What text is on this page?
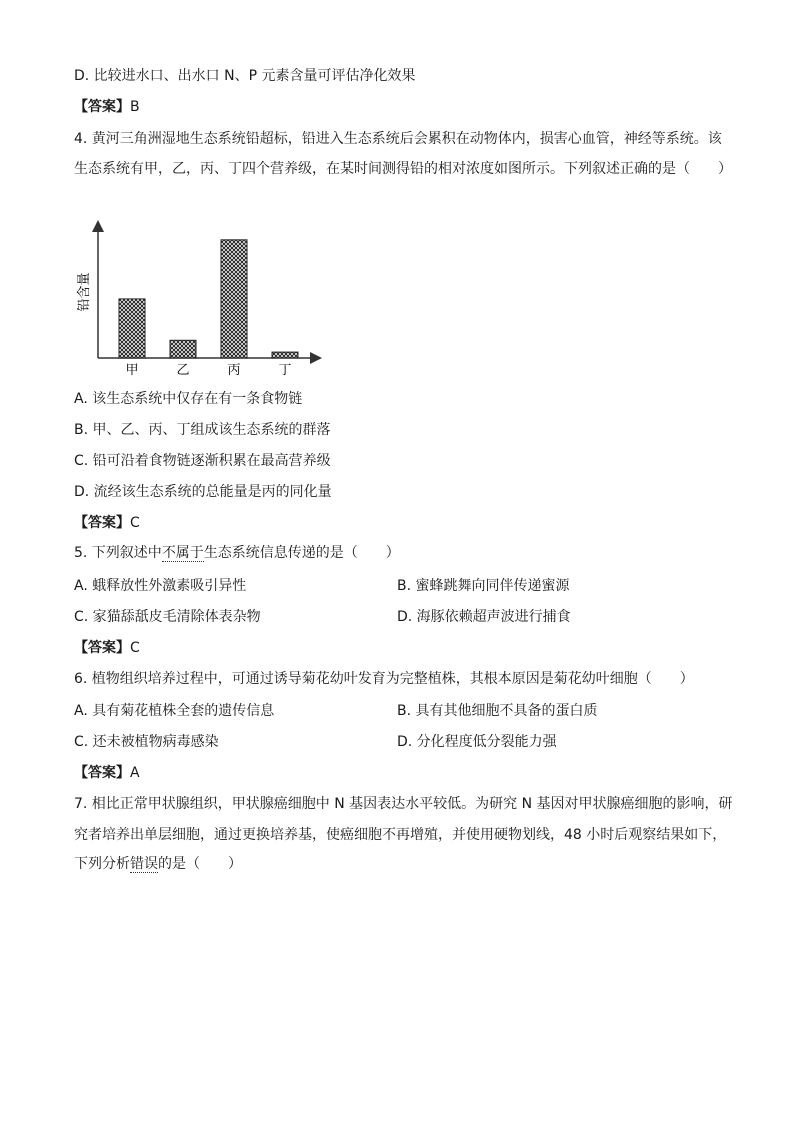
D. 比较进水口、出水口 N、P 元素含量可评估净化效果
【答案】B
4. 黄河三角洲湿地生态系统铅超标，铅进入生态系统后会累积在动物体内，损害心血管，神经等系统。该
生态系统有甲，乙，丙、丁四个营养级，在某时间测得铅的相对浓度如图所示。下列叙述正确的是（　　）
铅含量
甲	乙	丙	丁
A. 该生态系统中仅存在有一条食物链
B. 甲、乙、丙、丁组成该生态系统的群落
C. 铅可沿着食物链逐渐积累在最高营养级
D. 流经该生态系统的总能量是丙的同化量
【答案】C
5. 下列叙述中不属于生态系统信息传递的是（　　）
A. 蛾释放性外激素吸引异性	B. 蜜蜂跳舞向同伴传递蜜源
C. 家猫舔舐皮毛清除体表杂物	D. 海豚依赖超声波进行捕食
【答案】C
6. 植物组织培养过程中，可通过诱导菊花幼叶发育为完整植株，其根本原因是菊花幼叶细胞（　　）
A. 具有菊花植株全套的遗传信息	B. 具有其他细胞不具备的蛋白质
C. 还未被植物病毒感染	D. 分化程度低分裂能力强
【答案】A
7. 相比正常甲状腺组织，甲状腺癌细胞中 N 基因表达水平较低。为研究 N 基因对甲状腺癌细胞的影响，研
究者培养出单层细胞，通过更换培养基，使癌细胞不再增殖，并使用硬物划线，48 小时后观察结果如下，
下列分析错误的是（　　）
